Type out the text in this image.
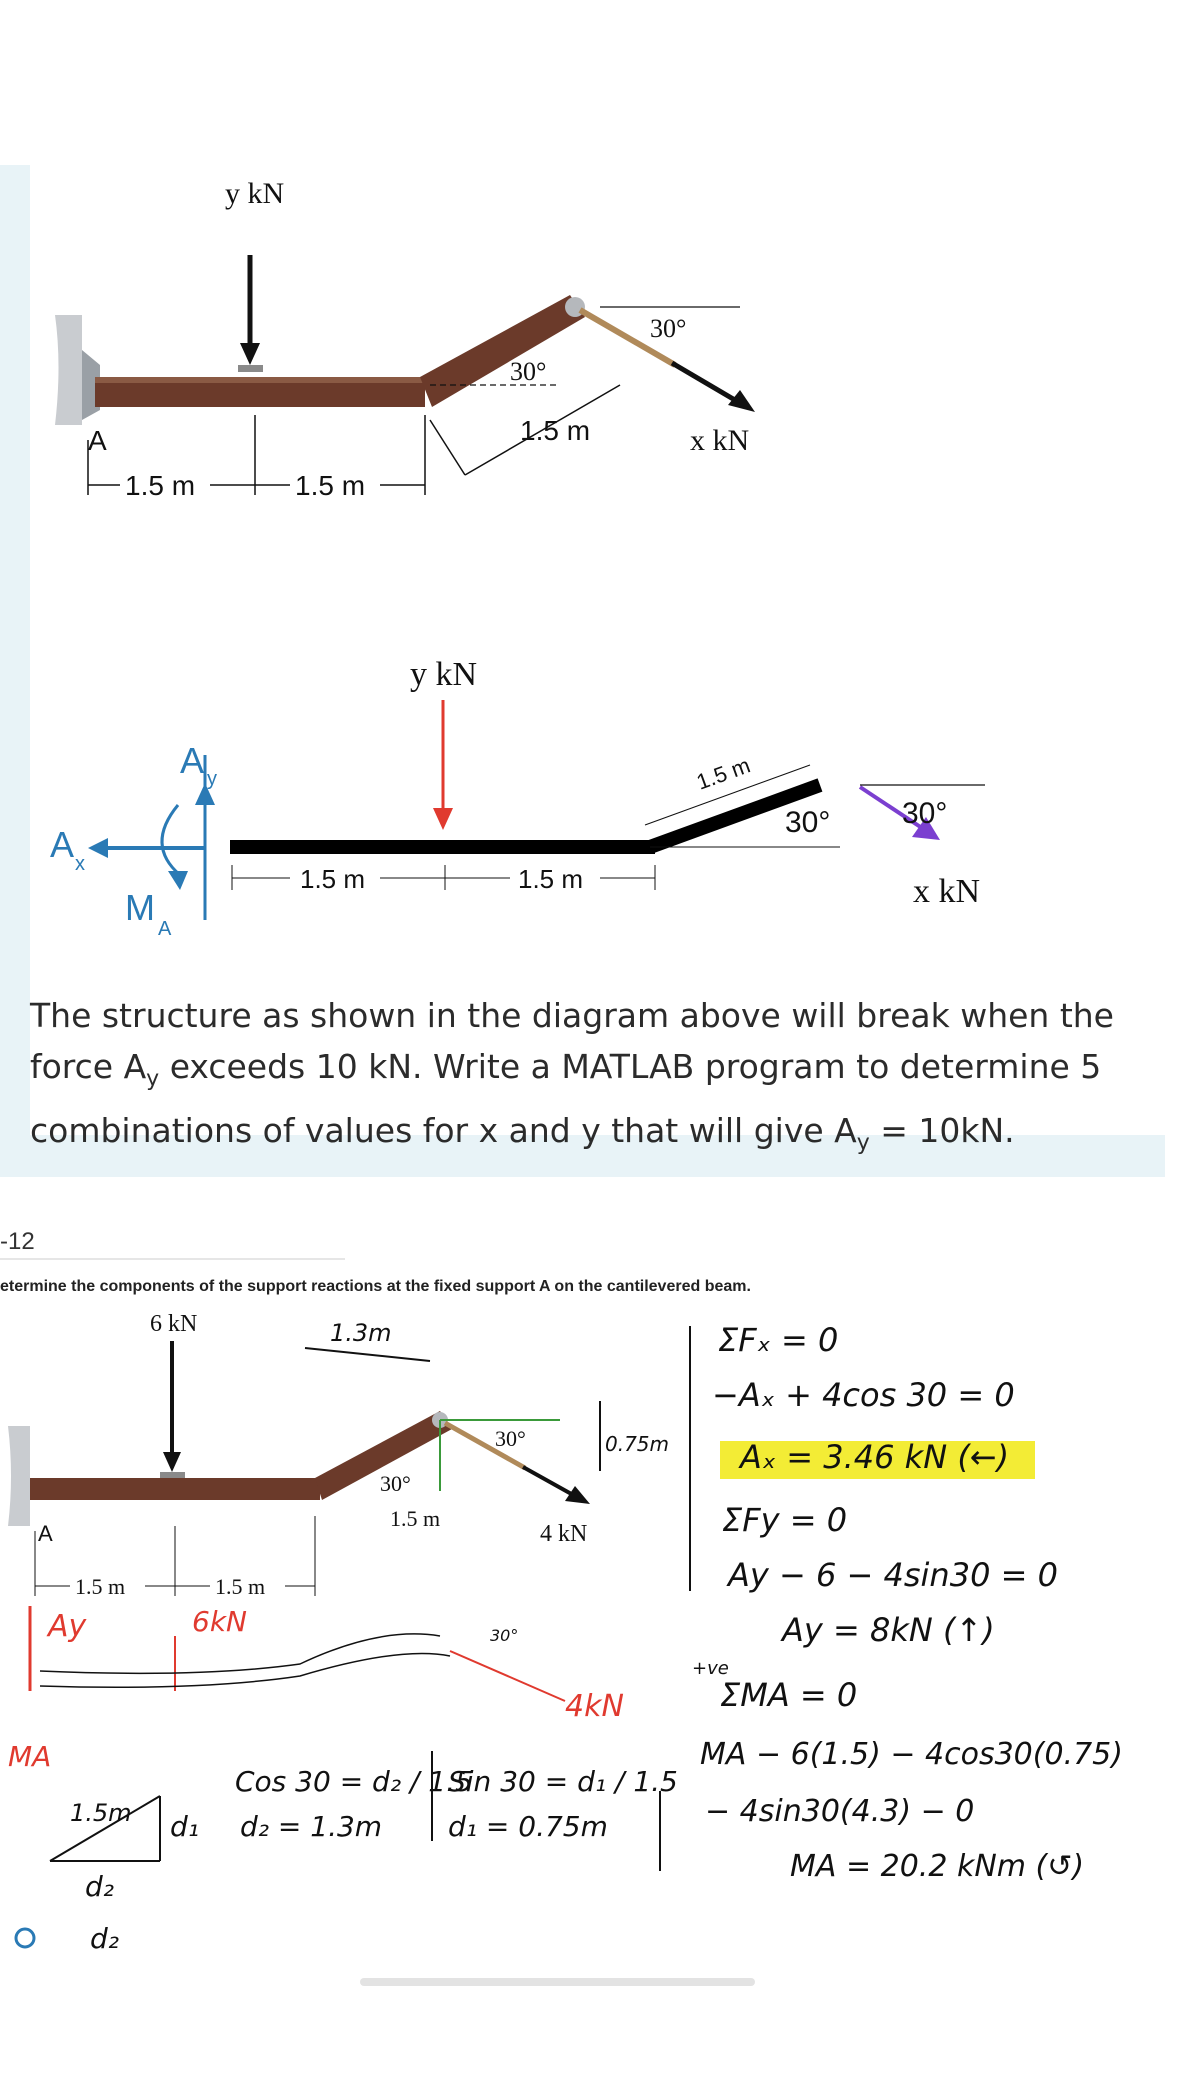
y kN
x kN
A
1.5 m	1.5 m
1.5 m
30°
30°
A x
A y
M
A
y kN
x kN
30°
30°
1.5 m	1.5 m
1.5 m
The structure as shown in the diagram above will break when the
force $A_y$ exceeds 10 kN. Write a MATLAB program to determine 5
combinations of values for x and y that will give $A_y = 10kN$.
-12
etermine the components of the support reactions at the fixed support A on the cantilevered beam.
6 kN
4 kN
A
1.5 m	1.5 m
1.5 m
30°
30°
1.3m
0.75m
Ay	6kN
4kN
30°
MA
1.5m d₁
d₂
Cos 30 = d₂ / 1.5
d₂ = 1.3m
Sin 30 = d₁ / 1.5
d₁ = 0.75m
ΣFₓ = 0
−Aₓ + 4cos 30 = 0
Aₓ = 3.46 kN (←)
ΣFy = 0
Ay − 6 − 4sin30 = 0
Ay = 8kN (↑)
+ve
ΣMA = 0
MA − 6(1.5) − 4cos30(0.75)
− 4sin30(4.3) − 0
MA = 20.2 kNm (↺)
d₂
